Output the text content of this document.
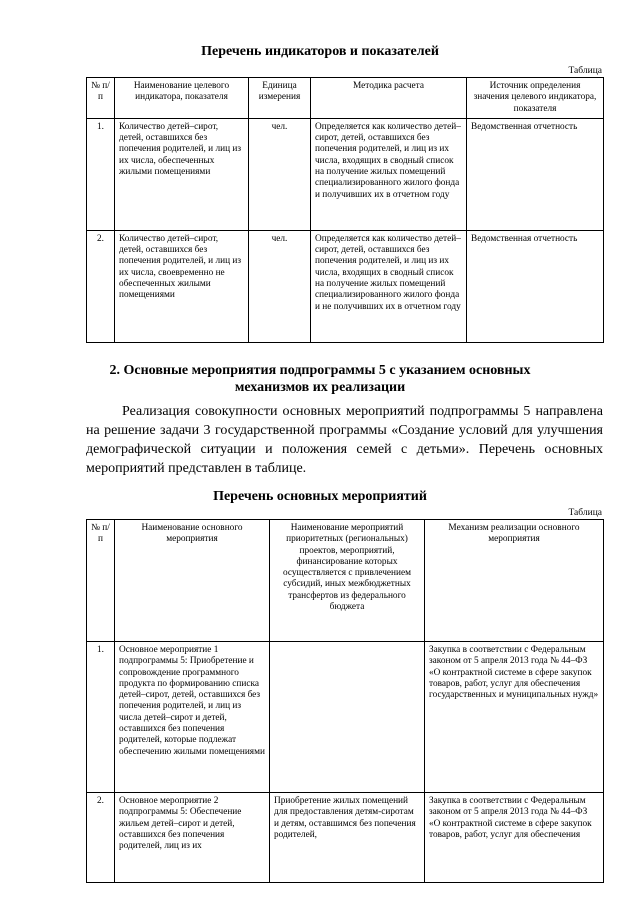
Перечень индикаторов и показателей
Таблица
№ п/п	Наименование целевого индикатора, показателя	Единица измерения	Методика расчета	Источник определения значения целевого индикатора, показателя
1.	Количество детей–сирот, детей, оставшихся без попечения родителей, и лиц из их числа, обеспеченных жилыми помещениями	чел.	Определяется как количество детей–сирот, детей, оставшихся без попечения родителей, и лиц из их числа, входящих в сводный список на получение жилых помещений специализированного жилого фонда и получивших их в отчетном году	Ведомственная отчетность
2.	Количество детей–сирот, детей, оставшихся без попечения родителей, и лиц из их числа, своевременно не обеспеченных жилыми помещениями	чел.	Определяется как количество детей–сирот, детей, оставшихся без попечения родителей, и лиц из их числа, входящих в сводный список на получение жилых помещений специализированного жилого фонда и не получивших их в отчетном году	Ведомственная отчетность
2. Основные мероприятия подпрограммы 5 с указанием основных
механизмов их реализации

Реализация совокупности основных мероприятий подпрограммы 5 направлена на решение задачи 3 государственной программы «Создание условий для улучшения демографической ситуации и положения семей с детьми». Перечень основных мероприятий представлен в таблице.

Перечень основных мероприятий
Таблица
№ п/п	Наименование основного мероприятия	Наименование мероприятий приоритетных (региональных) проектов, мероприятий, финансирование которых осуществляется с привлечением субсидий, иных межбюджетных трансфертов из федерального бюджета	Механизм реализации основного мероприятия
1.	Основное мероприятие 1 подпрограммы 5: Приобретение и сопровождение программного продукта по формированию списка детей–сирот, детей, оставшихся без попечения родителей, и лиц из числа детей–сирот и детей, оставшихся без попечения родителей, которые подлежат обеспечению жилыми помещениями		Закупка в соответствии с Федеральным законом от 5 апреля 2013 года № 44–ФЗ «О контрактной системе в сфере закупок товаров, работ, услуг для обеспечения государственных и муниципальных нужд»
2.	Основное мероприятие 2 подпрограммы 5: Обеспечение жильем детей–сирот и детей, оставшихся без попечения родителей, лиц из их	Приобретение жилых помещений для предоставления детям-сиротам и детям, оставшимся без попечения родителей,	Закупка в соответствии с Федеральным законом от 5 апреля 2013 года № 44–ФЗ «О контрактной системе в сфере закупок товаров, работ, услуг для обеспечения
